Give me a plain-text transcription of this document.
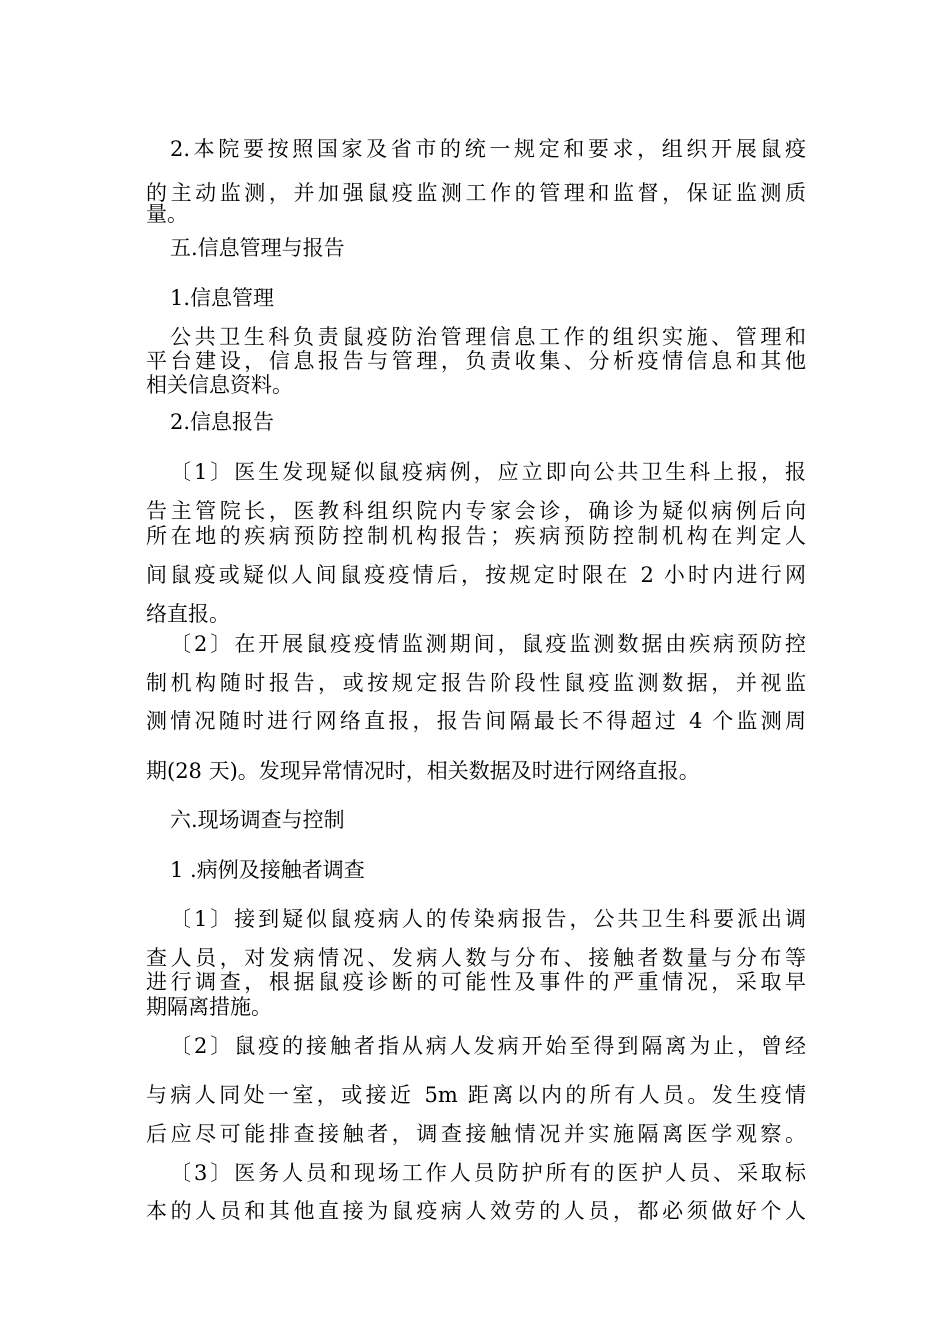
2.本院要按照国家及省市的统一规定和要求，组织开展鼠疫
的主动监测，并加强鼠疫监测工作的管理和监督，保证监测质
量。
五.信息管理与报告
1.信息管理
公共卫生科负责鼠疫防治管理信息工作的组织实施、管理和
平台建设，信息报告与管理，负责收集、分析疫情信息和其他
相关信息资料。
2.信息报告
〔1〕医生发现疑似鼠疫病例，应立即向公共卫生科上报，报
告主管院长，医教科组织院内专家会诊，确诊为疑似病例后向
所在地的疾病预防控制机构报告；疾病预防控制机构在判定人
间鼠疫或疑似人间鼠疫疫情后，按规定时限在 2 小时内进行网
络直报。
〔2〕在开展鼠疫疫情监测期间，鼠疫监测数据由疾病预防控
制机构随时报告，或按规定报告阶段性鼠疫监测数据，并视监
测情况随时进行网络直报，报告间隔最长不得超过 4 个监测周
期(28 天)。发现异常情况时，相关数据及时进行网络直报。
六.现场调查与控制
1 .病例及接触者调查
〔1〕接到疑似鼠疫病人的传染病报告，公共卫生科要派出调
查人员，对发病情况、发病人数与分布、接触者数量与分布等
进行调查，根据鼠疫诊断的可能性及事件的严重情况，采取早
期隔离措施。
〔2〕鼠疫的接触者指从病人发病开始至得到隔离为止，曾经
与病人同处一室，或接近 5m 距离以内的所有人员。发生疫情
后应尽可能排查接触者，调查接触情况并实施隔离医学观察。
〔3〕医务人员和现场工作人员防护所有的医护人员、采取标
本的人员和其他直接为鼠疫病人效劳的人员，都必须做好个人
